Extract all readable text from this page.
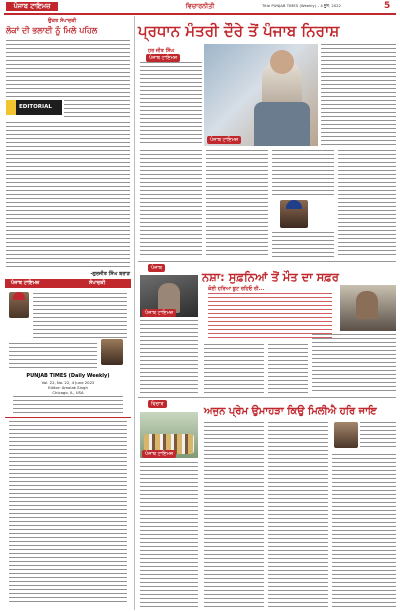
ਪੰਜਾਬ ਟਾਇਮਜ਼	ਵਿਚਾਰਨੀਤੀ	Title PUNJAB TIMES (Weekly) – 4 ਜੂਨ, 2022	5
ਉਕਤ ਸੰਪਾਦਕੀ
ਲੋਕਾਂ ਦੀ ਭਲਾਈ ਨੂੰ ਮਿਲੇ ਪਹਿਲ
EDITORIAL
-ਗੁਰਜੀਤ ਸਿੰਘ ਬਰਾੜ
ਪੰਜਾਬ ਟਾਇਮਜ਼	ਸੰਪਾਦਕੀ
PUNJAB TIMES (Daily Weekly)
Vol. 22, No. 22, 4 June 2022
Editor: Amolak Singh
Chicago, IL, USA
ਪ੍ਰਧਾਨ ਮੰਤਰੀ ਦੌਰੇ ਤੋਂ ਪੰਜਾਬ ਨਿਰਾਸ਼
ਹਰ ਜੀਤ ਸਿੰਘ
ਪੰਜਾਬ ਟਾਇਮਜ਼
ਪੰਜਾਬ ਟਾਇਮਜ਼
ਪੰਜਾਬ
ਪੰਜਾਬ ਟਾਇਮਜ਼
ਨਸ਼ਾ: ਸੁਫ਼ਨਿਆਂ ਤੋਂ ਮੌਤ ਦਾ ਸਫ਼ਰ
ਕੋਈ ਹਰਿਆ ਬੂਟ ਰਹਿਓ ਰੀ...
ਵਿਚਾਰ
ਪੰਜਾਬ ਟਾਇਮਜ਼
ਅਜੁਨ ਪ੍ਰੇਮ ਉਮਾਹੜਾ ਕਿਉ ਮਿਲੀਐ ਹਰਿ ਜਾਇ
